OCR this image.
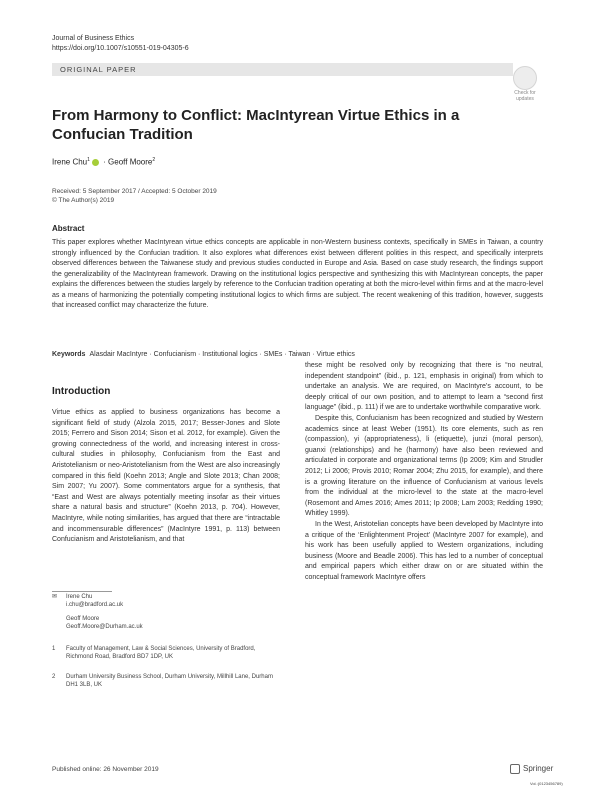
Journal of Business Ethics
https://doi.org/10.1007/s10551-019-04305-6
ORIGINAL PAPER
Check for
updates
From Harmony to Conflict: MacIntyrean Virtue Ethics in a Confucian Tradition
Irene Chu$^1$ · Geoff Moore$^2$
Received: 5 September 2017 / Accepted: 5 October 2019
© The Author(s) 2019
Abstract
This paper explores whether MacIntyrean virtue ethics concepts are applicable in non-Western business contexts, specifically in SMEs in Taiwan, a country strongly influenced by the Confucian tradition. It also explores what differences exist between different polities in this respect, and specifically interprets observed differences between the Taiwanese study and previous studies conducted in Europe and Asia. Based on case study research, the findings support the generalizability of the MacIntyrean framework. Drawing on the institutional logics perspective and synthesizing this with MacIntyrean concepts, the paper explains the differences between the studies largely by reference to the Confucian tradition operating at both the micro-level within firms and at the macro-level as a means of harmonizing the potentially competing institutional logics to which firms are subject. The recent weakening of this tradition, however, suggests that increased conflict may characterize the future.
Keywords Alasdair MacIntyre · Confucianism · Institutional logics · SMEs · Taiwan · Virtue ethics
Introduction
Virtue ethics as applied to business organizations has become a significant field of study (Alzola 2015, 2017; Besser-Jones and Slote 2015; Ferrero and Sison 2014; Sison et al. 2012, for example). Given the growing connectedness of the world, and increasing interest in cross-cultural studies in philosophy, Confucianism from the East and Aristotelianism or neo-Aristotelianism from the West are also increasingly compared in this field (Koehn 2013; Angle and Slote 2013; Chan 2008; Sim 2007; Yu 2007). Some commentators argue for a synthesis, that “East and West are always potentially meeting insofar as their virtues share a natural basis and structure” (Koehn 2013, p. 704). However, MacIntyre, while noting similarities, has argued that there are “intractable and incommensurable differences” (MacIntyre 1991, p. 113) between Confucianism and Aristotelianism, and that

these might be resolved only by recognizing that there is “no neutral, independent standpoint” (ibid., p. 121, emphasis in original) from which to undertake an analysis. We are required, on MacIntyre’s account, to be deeply critical of our own position, and to attempt to learn a “second first language” (ibid., p. 111) if we are to undertake worthwhile comparative work.

Despite this, Confucianism has been recognized and studied by Western academics since at least Weber (1951). Its core elements, such as ren (compassion), yi (appropriateness), li (etiquette), junzi (moral person), guanxi (relationships) and he (harmony) have also been reviewed and articulated in corporate and organizational terms (Ip 2009; Kim and Strudler 2012; Li 2006; Provis 2010; Romar 2004; Zhu 2015, for example), and there is a growing literature on the influence of Confucianism at various levels from the individual at the micro-level to the state at the macro-level (Rosemont and Ames 2016; Ames 2011; Ip 2008; Lam 2003; Redding 1990; Whitley 1999).

In the West, Aristotelian concepts have been developed by MacIntyre into a critique of the ‘Enlightenment Project’ (MacIntyre 2007 for example), and his work has been usefully applied to Western organizations, including business (Moore and Beadle 2006). This has led to a number of conceptual and empirical papers which either draw on or are situated within the conceptual framework MacIntyre offers

✉ Irene Chu
i.chu@bradford.ac.uk
Geoff Moore
Geoff.Moore@Durham.ac.uk
1 Faculty of Management, Law & Social Sciences, University of Bradford, Richmond Road, Bradford BD7 1DP, UK
2 Durham University Business School, Durham University, Millhill Lane, Durham DH1 3LB, UK
Published online: 26 November 2019	Springer
Vol.:(0123456789)
